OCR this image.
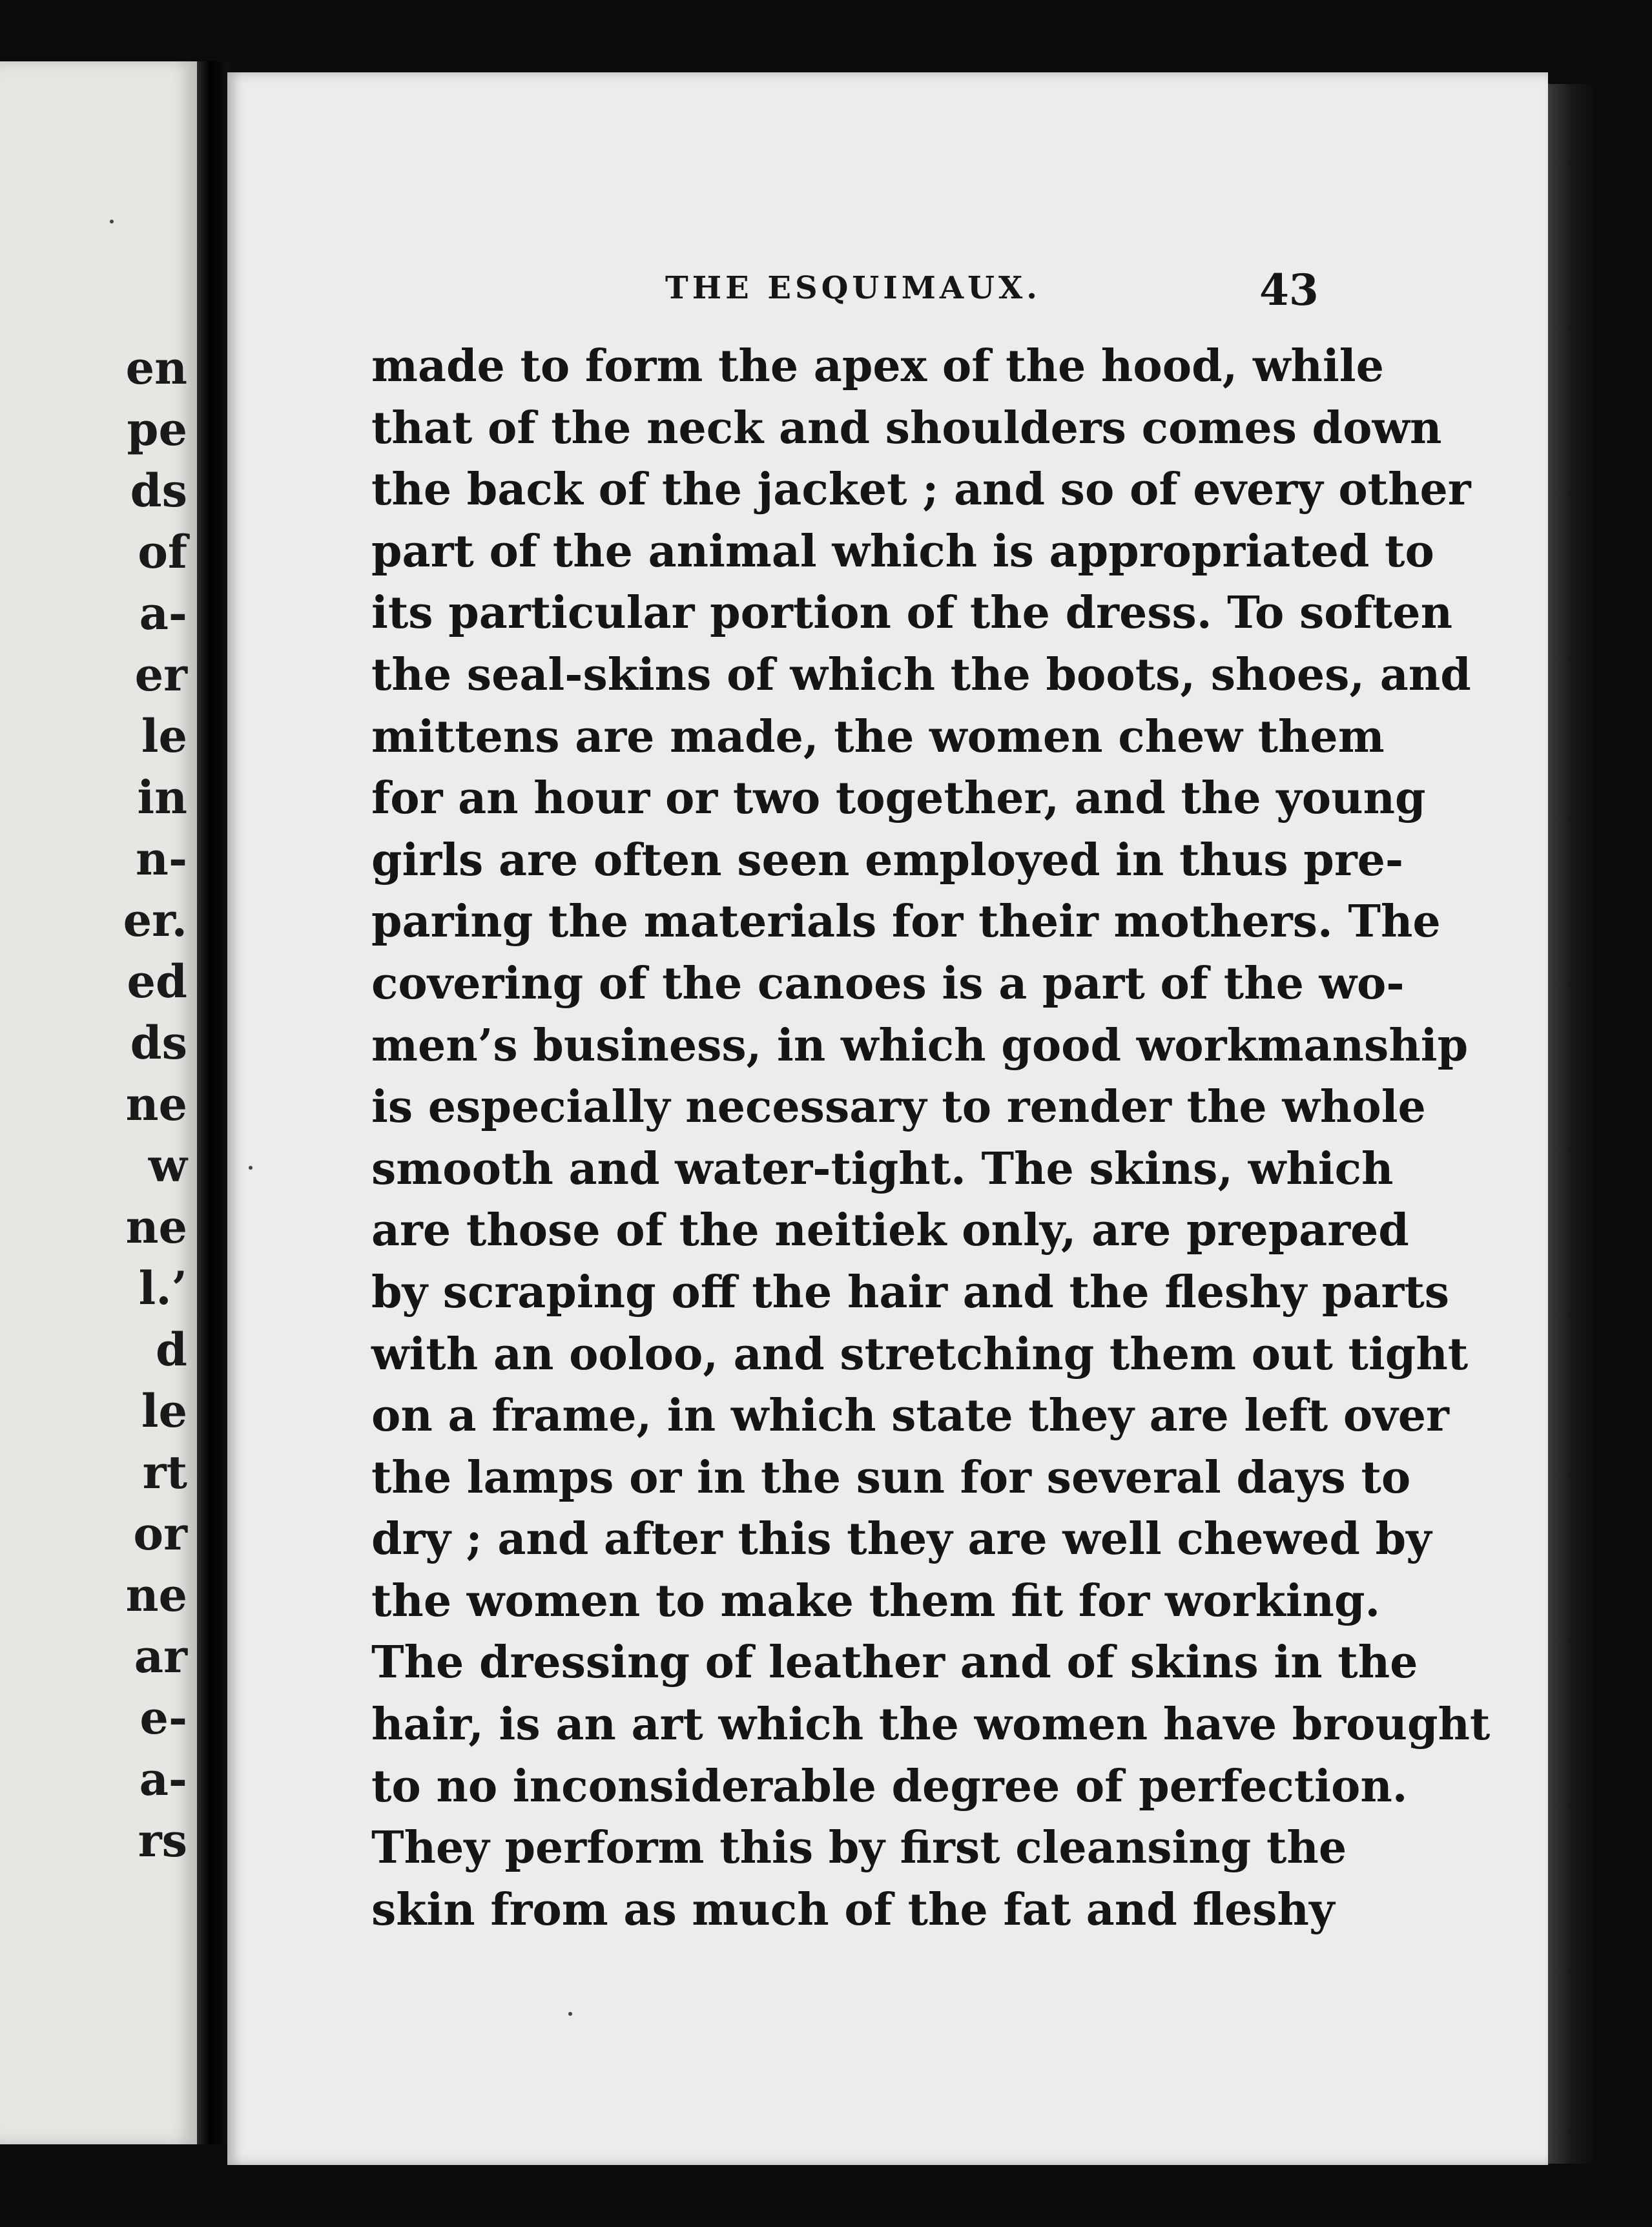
en
pe
ds
of
a-
er
le
in
n-
er.
ed
ds
ne
w
ne
l.’
d
le
rt
or
ne
ar
e-
a-
rs
THE ESQUIMAUX.	43
made to form the apex of the hood, while
that of the neck and shoulders comes down
the back of the jacket ; and so of every other
part of the animal which is appropriated to
its particular portion of the dress. To soften
the seal-skins of which the boots, shoes, and
mittens are made, the women chew them
for an hour or two together, and the young
girls are often seen employed in thus pre-
paring the materials for their mothers. The
covering of the canoes is a part of the wo-
men’s business, in which good workmanship
is especially necessary to render the whole
smooth and water-tight. The skins, which
are those of the neitiek only, are prepared
by scraping off the hair and the fleshy parts
with an ooloo, and stretching them out tight
on a frame, in which state they are left over
the lamps or in the sun for several days to
dry ; and after this they are well chewed by
the women to make them fit for working.
The dressing of leather and of skins in the
hair, is an art which the women have brought
to no inconsiderable degree of perfection.
They perform this by first cleansing the
skin from as much of the fat and fleshy
